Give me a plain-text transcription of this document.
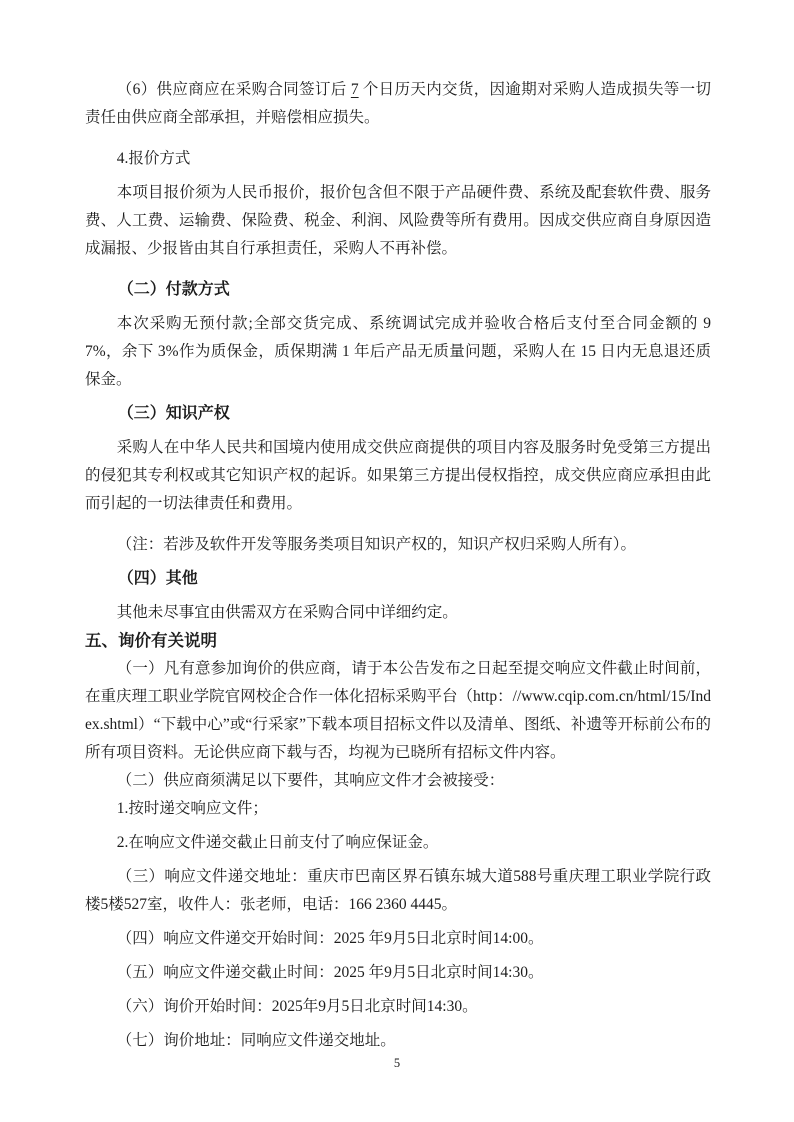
（6）供应商应在采购合同签订后 7 个日历天内交货，因逾期对采购人造成损失等一切责任由供应商全部承担，并赔偿相应损失。
4.报价方式
本项目报价须为人民币报价，报价包含但不限于产品硬件费、系统及配套软件费、服务费、人工费、运输费、保险费、税金、利润、风险费等所有费用。因成交供应商自身原因造成漏报、少报皆由其自行承担责任，采购人不再补偿。
（二）付款方式
本次采购无预付款;全部交货完成、系统调试完成并验收合格后支付至合同金额的 97%，余下 3%作为质保金，质保期满 1 年后产品无质量问题，采购人在 15 日内无息退还质保金。
（三）知识产权
采购人在中华人民共和国境内使用成交供应商提供的项目内容及服务时免受第三方提出的侵犯其专利权或其它知识产权的起诉。如果第三方提出侵权指控，成交供应商应承担由此而引起的一切法律责任和费用。
（注：若涉及软件开发等服务类项目知识产权的，知识产权归采购人所有）。
（四）其他
其他未尽事宜由供需双方在采购合同中详细约定。
五、询价有关说明
（一）凡有意参加询价的供应商，请于本公告发布之日起至提交响应文件截止时间前，在重庆理工职业学院官网校企合作一体化招标采购平台（http：//www.cqip.com.cn/html/15/Index.shtml）“下载中心”或“行采家”下载本项目招标文件以及清单、图纸、补遗等开标前公布的所有项目资料。无论供应商下载与否，均视为已晓所有招标文件内容。
（二）供应商须满足以下要件，其响应文件才会被接受：
1.按时递交响应文件；
2.在响应文件递交截止日前支付了响应保证金。
（三）响应文件递交地址：重庆市巴南区界石镇东城大道588号重庆理工职业学院行政楼5楼527室，收件人：张老师，电话：166 2360 4445。
（四）响应文件递交开始时间：2025 年9月5日北京时间14:00。
（五）响应文件递交截止时间：2025 年9月5日北京时间14:30。
（六）询价开始时间：2025年9月5日北京时间14:30。
（七）询价地址：同响应文件递交地址。
5
